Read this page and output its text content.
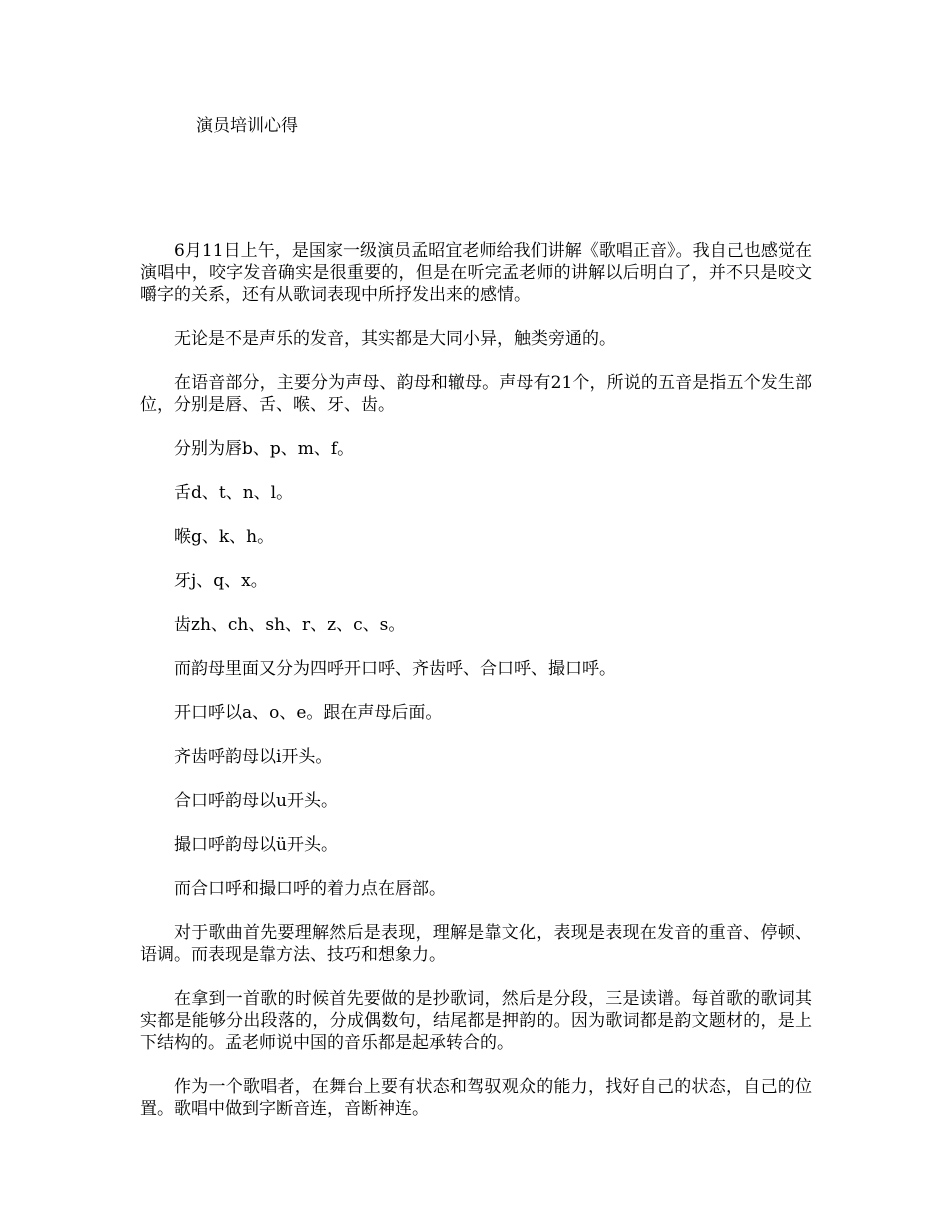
演员培训心得

6月11日上午，是国家一级演员孟昭宜老师给我们讲解《歌唱正音》。我自己也感觉在演唱中，咬字发音确实是很重要的，但是在听完孟老师的讲解以后明白了，并不只是咬文嚼字的关系，还有从歌词表现中所抒发出来的感情。

无论是不是声乐的发音，其实都是大同小异，触类旁通的。

在语音部分，主要分为声母、韵母和辙母。声母有21个，所说的五音是指五个发生部位，分别是唇、舌、喉、牙、齿。

分别为唇b、p、m、f。

舌d、t、n、l。

喉g、k、h。

牙j、q、x。

齿zh、ch、sh、r、z、c、s。

而韵母里面又分为四呼开口呼、齐齿呼、合口呼、撮口呼。

开口呼以a、o、e。跟在声母后面。

齐齿呼韵母以i开头。

合口呼韵母以u开头。

撮口呼韵母以ü开头。

而合口呼和撮口呼的着力点在唇部。

对于歌曲首先要理解然后是表现，理解是靠文化，表现是表现在发音的重音、停顿、语调。而表现是靠方法、技巧和想象力。

在拿到一首歌的时候首先要做的是抄歌词，然后是分段，三是读谱。每首歌的歌词其实都是能够分出段落的，分成偶数句，结尾都是押韵的。因为歌词都是韵文题材的，是上下结构的。孟老师说中国的音乐都是起承转合的。

作为一个歌唱者，在舞台上要有状态和驾驭观众的能力，找好自己的状态，自己的位置。歌唱中做到字断音连，音断神连。
